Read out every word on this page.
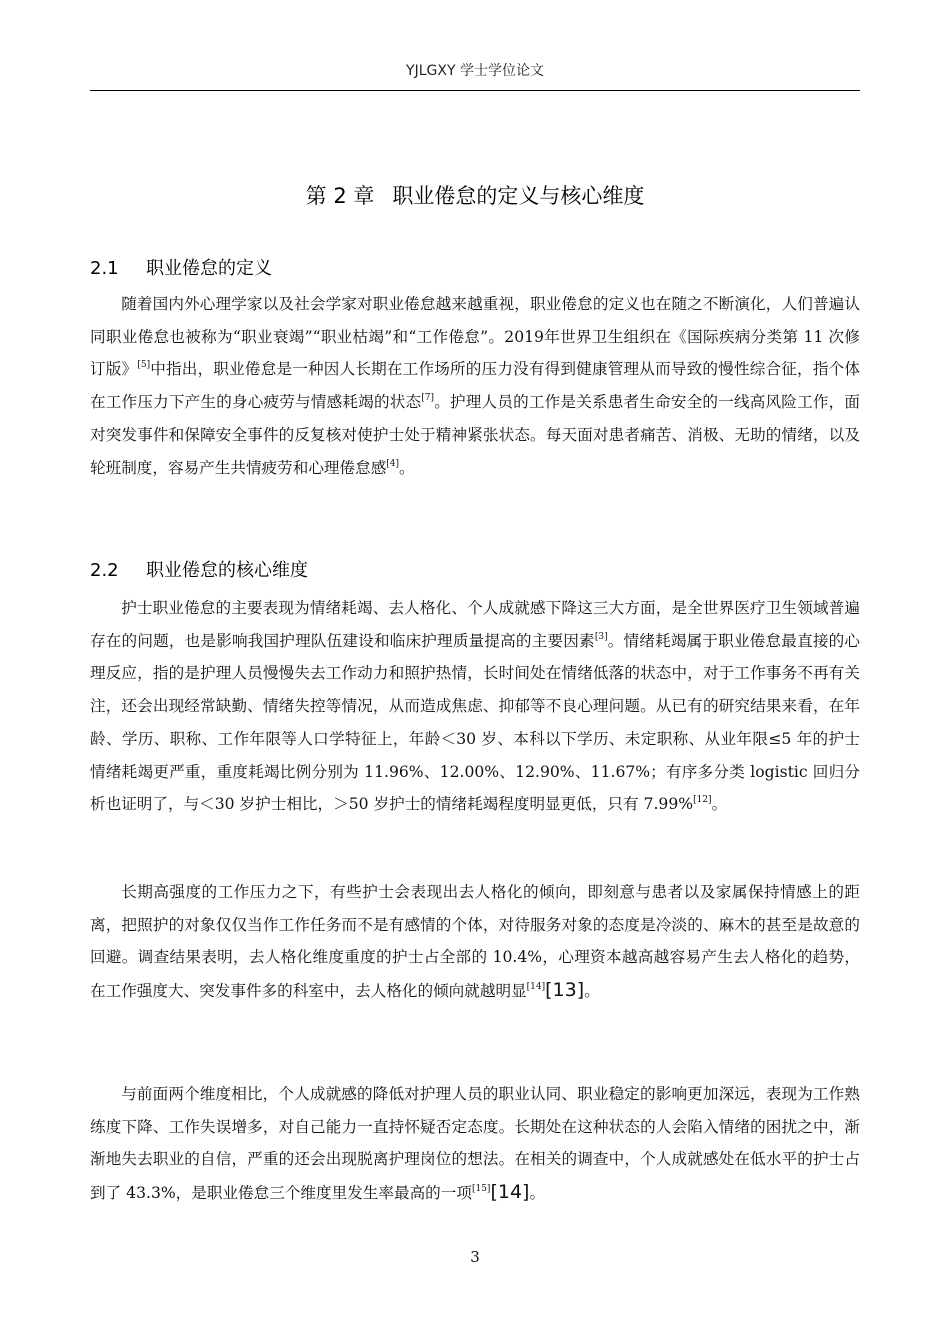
YJLGXY 学士学位论文
第 2 章 职业倦怠的定义与核心维度
2.1 职业倦怠的定义

随着国内外心理学家以及社会学家对职业倦怠越来越重视，职业倦怠的定义也在随之不断演化，人们普遍认同职业倦怠也被称为“职业衰竭”“职业枯竭”和“工作倦怠”。2019年世界卫生组织在《国际疾病分类第 11 次修订版》[5]中指出，职业倦怠是一种因人长期在工作场所的压力没有得到健康管理从而导致的慢性综合征，指个体在工作压力下产生的身心疲劳与情感耗竭的状态[7]。护理人员的工作是关系患者生命安全的一线高风险工作，面对突发事件和保障安全事件的反复核对使护士处于精神紧张状态。每天面对患者痛苦、消极、无助的情绪，以及轮班制度，容易产生共情疲劳和心理倦怠感[4]。

2.2 职业倦怠的核心维度

护士职业倦怠的主要表现为情绪耗竭、去人格化、个人成就感下降这三大方面，是全世界医疗卫生领域普遍存在的问题，也是影响我国护理队伍建设和临床护理质量提高的主要因素[3]。情绪耗竭属于职业倦怠最直接的心理反应，指的是护理人员慢慢失去工作动力和照护热情，长时间处在情绪低落的状态中，对于工作事务不再有关注，还会出现经常缺勤、情绪失控等情况，从而造成焦虑、抑郁等不良心理问题。从已有的研究结果来看，在年龄、学历、职称、工作年限等人口学特征上，年龄＜30 岁、本科以下学历、未定职称、从业年限≤5 年的护士情绪耗竭更严重，重度耗竭比例分别为 11.96%、12.00%、12.90%、11.67%；有序多分类 logistic 回归分析也证明了，与＜30 岁护士相比，＞50 岁护士的情绪耗竭程度明显更低，只有 7.99%[12]。

长期高强度的工作压力之下，有些护士会表现出去人格化的倾向，即刻意与患者以及家属保持情感上的距离，把照护的对象仅仅当作工作任务而不是有感情的个体，对待服务对象的态度是冷淡的、麻木的甚至是故意的回避。调查结果表明，去人格化维度重度的护士占全部的 10.4%，心理资本越高越容易产生去人格化的趋势，在工作强度大、突发事件多的科室中，去人格化的倾向就越明显[14][13]。

与前面两个维度相比，个人成就感的降低对护理人员的职业认同、职业稳定的影响更加深远，表现为工作熟练度下降、工作失误增多，对自己能力一直持怀疑否定态度。长期处在这种状态的人会陷入情绪的困扰之中，渐渐地失去职业的自信，严重的还会出现脱离护理岗位的想法。在相关的调查中，个人成就感处在低水平的护士占到了 43.3%，是职业倦怠三个维度里发生率最高的一项[15][14]。

3
